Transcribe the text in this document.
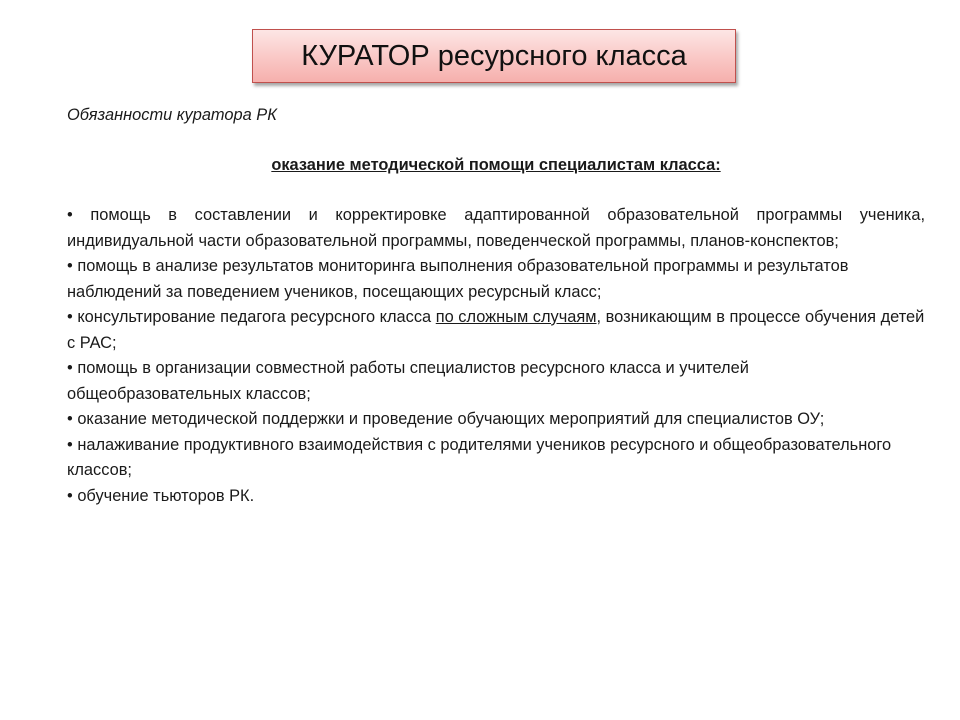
КУРАТОР ресурсного класса

Обязанности куратора РК

оказание методической помощи специалистам класса:

• помощь в составлении и корректировке адаптированной образовательной программы ученика, индивидуальной части образовательной программы, поведенческой программы, планов-конспектов;
• помощь в анализе результатов мониторинга выполнения образовательной программы и результатов наблюдений за поведением учеников, посещающих ресурсный класс;
• консультирование педагога ресурсного класса по сложным случаям, возникающим в процессе обучения детей с РАС;
• помощь в организации совместной работы специалистов ресурсного класса и учителей общеобразовательных классов;
• оказание методической поддержки и проведение обучающих мероприятий для специалистов ОУ;
• налаживание продуктивного взаимодействия с родителями учеников ресурсного и общеобразовательного классов;
• обучение тьюторов РК.
